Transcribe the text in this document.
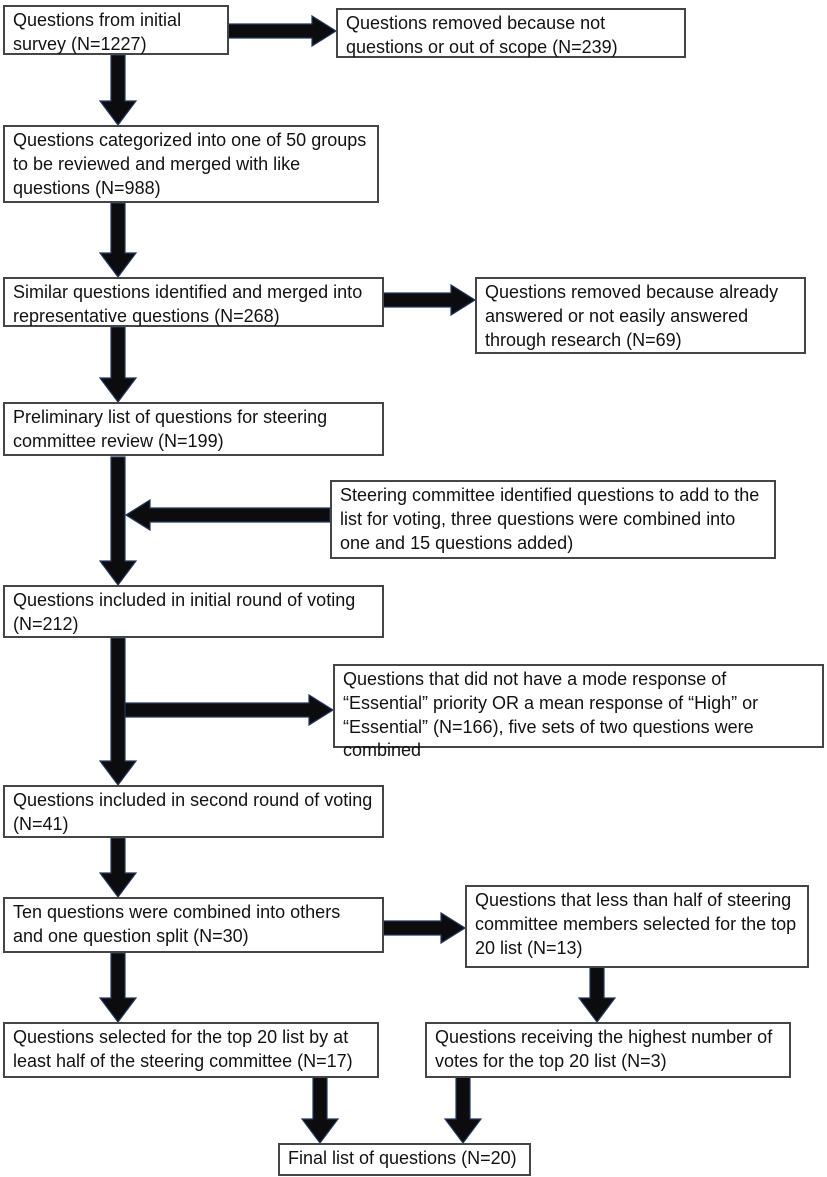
Questions from initial survey (N=1227)
Questions removed because not questions or out of scope (N=239)
Questions categorized into one of 50 groups to be reviewed and merged with like questions (N=988)
Similar questions identified and merged into representative questions (N=268)
Questions removed because already answered or not easily answered through research (N=69)
Preliminary list of questions for steering committee review (N=199)
Steering committee identified questions to add to the list for voting, three questions were combined into one and 15 questions added)
Questions included in initial round of voting (N=212)
Questions that did not have a mode response of “Essential” priority OR a mean response of “High” or “Essential” (N=166), five sets of two questions were combined
Questions included in second round of voting (N=41)
Ten questions were combined into others and one question split (N=30)
Questions that less than half of steering committee members selected for the top 20 list (N=13)
Questions selected for the top 20 list by at least half of the steering committee (N=17)
Questions receiving the highest number of votes for the top 20 list (N=3)
Final list of questions (N=20)
